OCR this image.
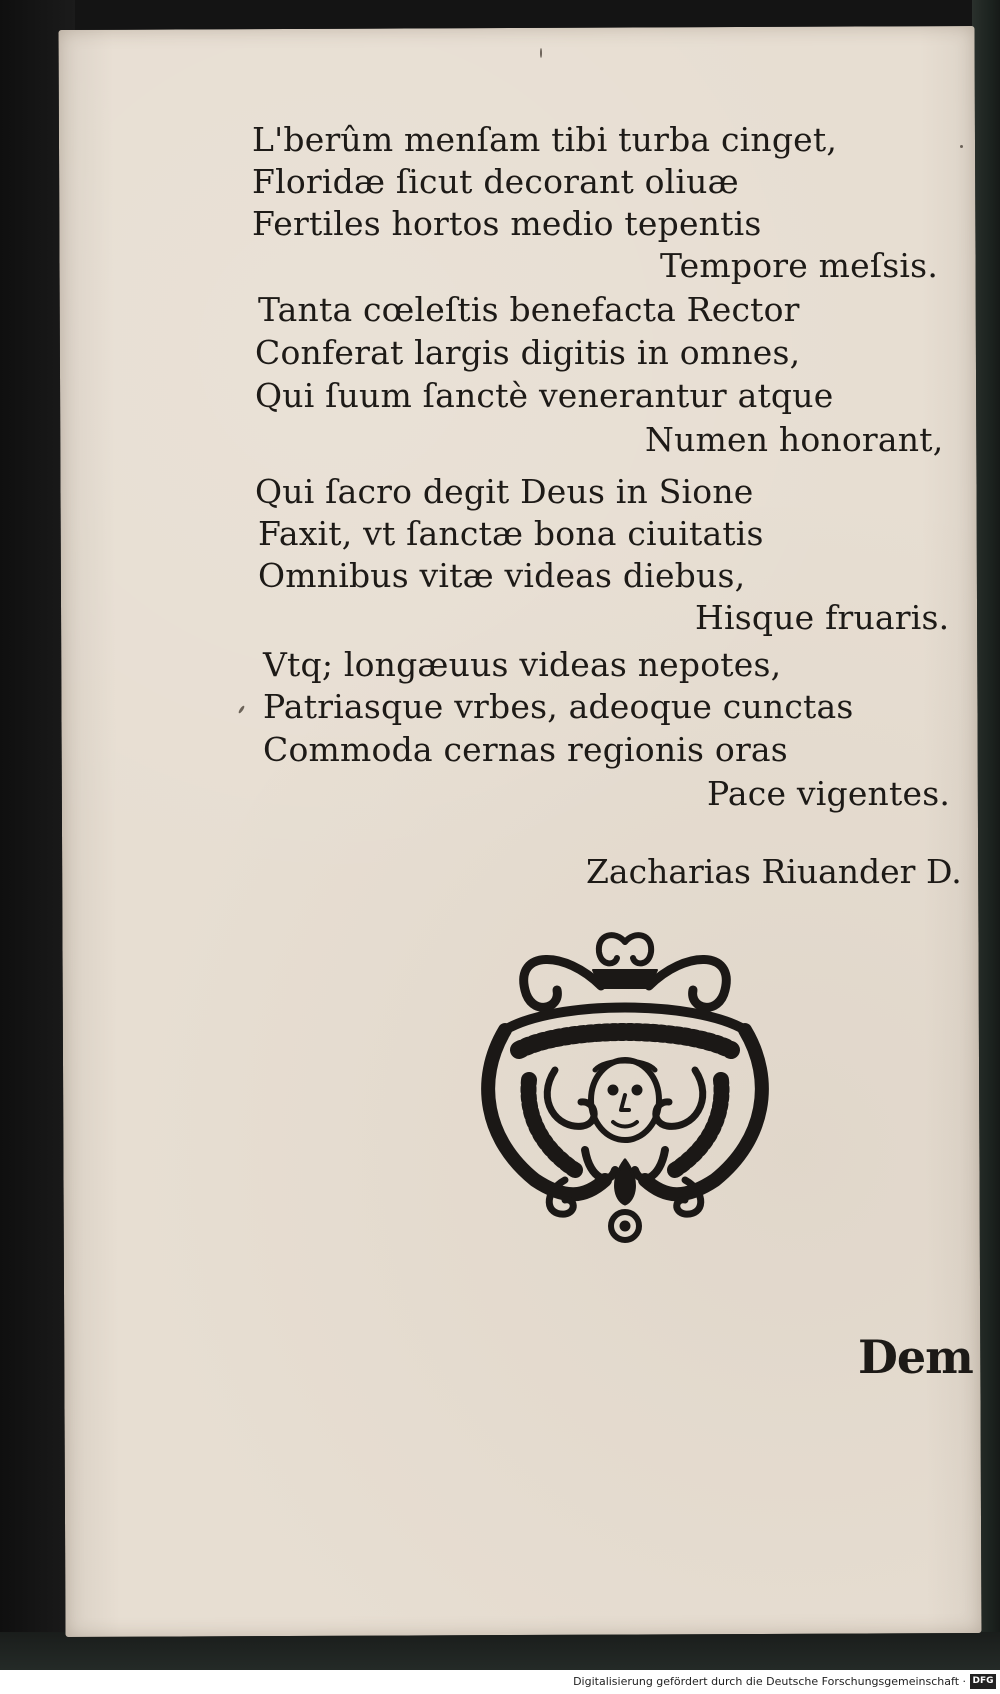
L'berûm menſam tibi turba cinget,
Floridæ ſicut decorant oliuæ
Fertiles hortos medio tepentis
Tempore meſsis.
Tanta cœleſtis benefacta Rector
Conferat largis digitis in omnes,
Qui ſuum ſanctè venerantur atque
Numen honorant,
Qui ſacro degit Deus in Sione
Faxit, vt ſanctæ bona ciuitatis
Omnibus vitæ videas diebus,
Hisque fruaris.
Vtq; longæuus videas nepotes,
Patriasque vrbes, adeoque cunctas
Commoda cernas regionis oras
Pace vigentes.
Zacharias Riuander D.
Dem
Digitalisierung gefördert durch die Deutsche Forschungsgemeinschaft · DFG
